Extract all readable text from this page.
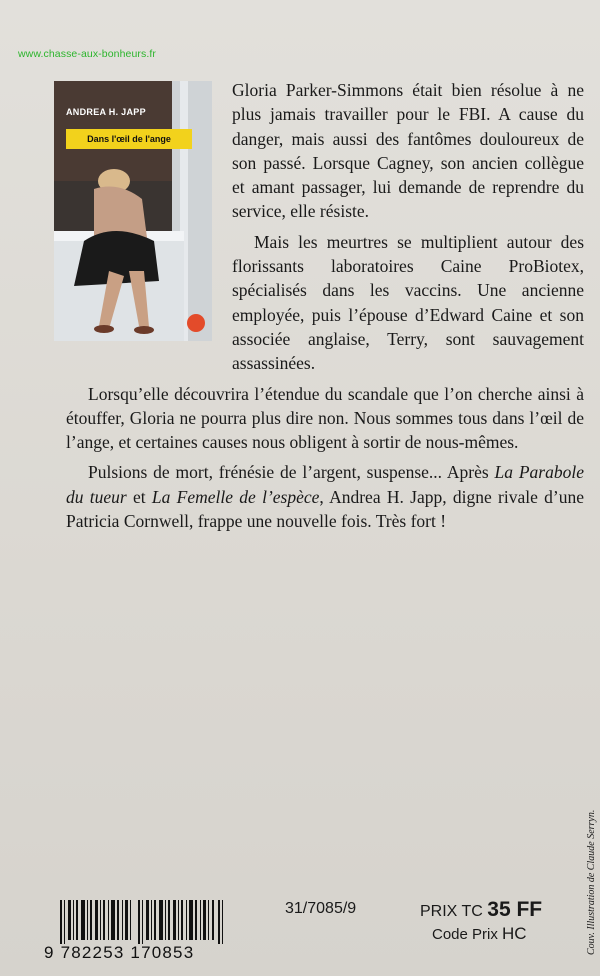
www.chasse-aux-bonheurs.fr
ANDREA H. JAPP
Dans l'œil de l'ange

Gloria Parker-Simmons était bien résolue à ne plus jamais travailler pour le FBI. A cause du danger, mais aussi des fantômes douloureux de son passé. Lorsque Cagney, son ancien collègue et amant passager, lui demande de reprendre du service, elle résiste.

Mais les meurtres se multiplient autour des florissants laboratoires Caine ProBiotex, spécialisés dans les vaccins. Une ancienne employée, puis l’épouse d’Edward Caine et son associée anglaise, Terry, sont sauvagement assassinées.

Lorsqu’elle découvrira l’étendue du scandale que l’on cherche ainsi à étouffer, Gloria ne pourra plus dire non. Nous sommes tous dans l’œil de l’ange, et certaines causes nous obligent à sortir de nous-mêmes.

Pulsions de mort, frénésie de l’argent, suspense... Après La Parabole du tueur et La Femelle de l’espèce, Andrea H. Japp, digne rivale d’une Patricia Cornwell, frappe une nouvelle fois. Très fort !

9 782253 170853
31/7085/9	PRIX TC 35 FF
Code Prix HC	Couv. Illustration de Claude Serryn.
